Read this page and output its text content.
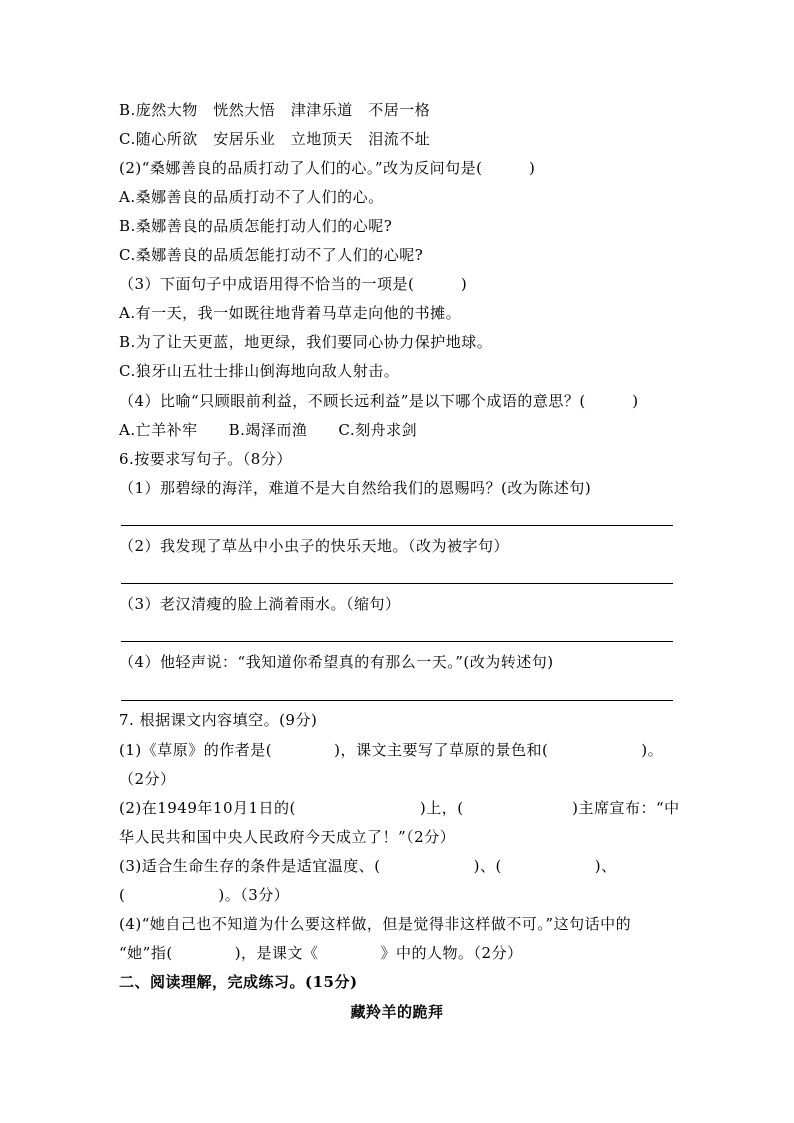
B.庞然大物　恍然大悟　津津乐道　不居一格
C.随心所欲　安居乐业　立地顶天　泪流不址
(2)“桑娜善良的品质打动了人们的心。”改为反问句是(　　　)
A.桑娜善良的品质打动不了人们的心。
B.桑娜善良的品质怎能打动人们的心呢?
C.桑娜善良的品质怎能打动不了人们的心呢?
（3）下面句子中成语用得不恰当的一项是(　　　)
A.有一天，我一如既往地背着马草走向他的书摊。
B.为了让天更蓝，地更绿，我们要同心协力保护地球。
C.狼牙山五壮士排山倒海地向敌人射击。
（4）比喻“只顾眼前利益，不顾长远利益”是以下哪个成语的意思？(　　　)
A.亡羊补牢　　B.竭泽而渔　　C.刻舟求剑
6.按要求写句子。（8分）
（1）那碧绿的海洋，难道不是大自然给我们的恩赐吗？(改为陈述句)
（2）我发现了草丛中小虫子的快乐天地。（改为被字句）
（3）老汉清瘦的脸上淌着雨水。（缩句）
（4）他轻声说：“我知道你希望真的有那么一天。”(改为转述句)
7. 根据课文内容填空。(9分)
(1)《草原》的作者是(　　　　)，课文主要写了草原的景色和(　　　　　　)。
（2分）
(2)在1949年10月1日的(　　　　　　　　)上，(　　　　　　　)主席宣布：“中
华人民共和国中央人民政府今天成立了！”（2分）
(3)适合生命生存的条件是适宜温度、(　　　　　　)、(　　　　　　)、
(　　　　　　)。（3分）
(4)“她自己也不知道为什么要这样做，但是觉得非这样做不可。”这句话中的
“她”指(　　　　)，是课文《　　　　》中的人物。（2分）
二、阅读理解，完成练习。(15分)
藏羚羊的跪拜
